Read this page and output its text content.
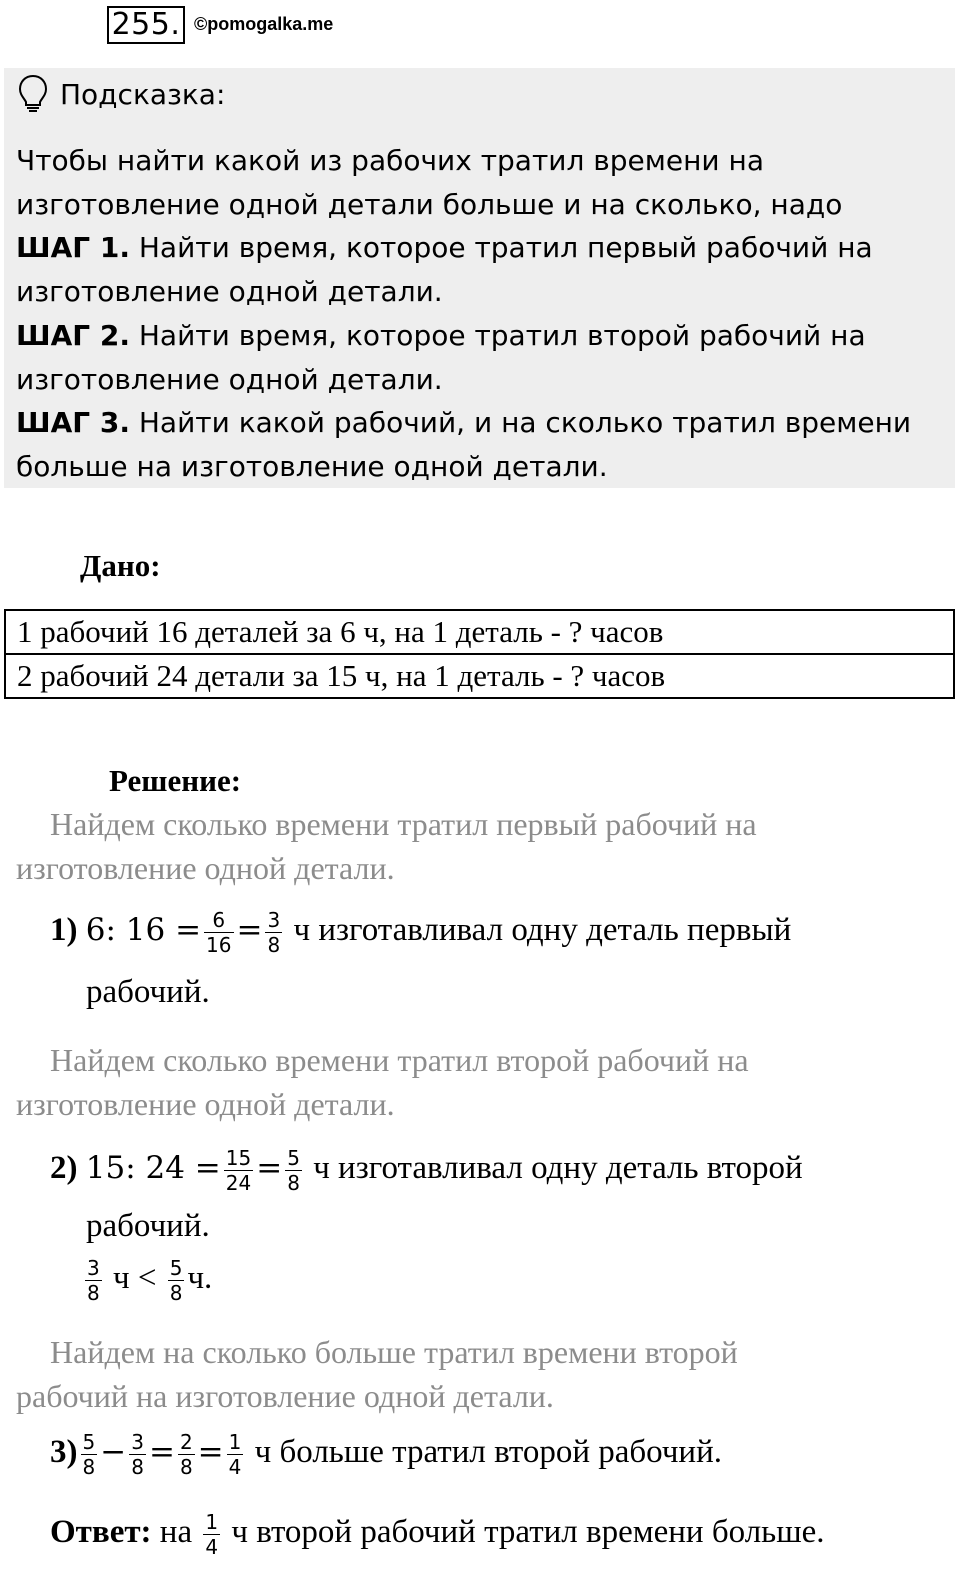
255. ©pomogalka.me
Подсказка:
Чтобы найти какой из рабочих тратил времени на изготовление одной детали больше и на сколько, надо
ШАГ 1. Найти время, которое тратил первый рабочий на изготовление одной детали.
ШАГ 2. Найти время, которое тратил второй рабочий на изготовление одной детали.
ШАГ 3. Найти какой рабочий, и на сколько тратил времени больше на изготовление одной детали.
Дано:
1 рабочий 16 деталей за 6 ч, на 1 деталь - ? часов
2 рабочий 24 детали за 15 ч, на 1 деталь - ? часов
Решение:
Найдем сколько времени тратил первый рабочий на
изготовление одной детали.
1) 6: $16 = \frac{6}{16} = \frac{3}{8}$ ч изготавливал одну деталь первый
рабочий.
Найдем сколько времени тратил второй рабочий на
изготовление одной детали.
2) 15: $24 = \frac{15}{24} = \frac{5}{8}$ ч изготавливал одну деталь второй
рабочий.
$\frac{3}{8}$ $ч < \frac{5}{8} ч$.
Найдем на сколько больше тратил времени второй
рабочий на изготовление одной детали.
$3) \frac{5}{8} - \frac{3}{8} = \frac{2}{8} = \frac{1}{4}$ ч больше тратил второй рабочий.
Ответ: на $\frac{1}{4}$ ч второй рабочий тратил времени больше.
